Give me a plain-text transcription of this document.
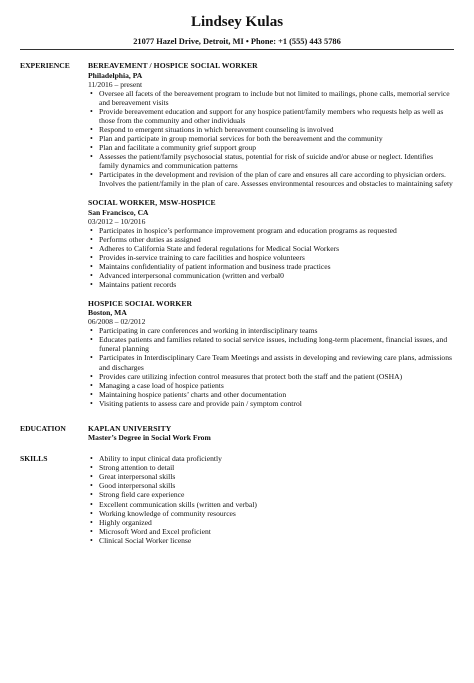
Lindsey Kulas
21077 Hazel Drive, Detroit, MI • Phone: +1 (555) 443 5786
EXPERIENCE	BEREAVEMENT / HOSPICE SOCIAL WORKER
Philadelphia, PA
11/2016 – present
• Oversee all facets of the bereavement program to include but not limited to mailings, phone calls, memorial service and bereavement visits
• Provide bereavement education and support for any hospice patient/family members who requests help as well as those from the community and other individuals
• Respond to emergent situations in which bereavement counseling is involved
• Plan and participate in group memorial services for both the bereavement and the community
• Plan and facilitate a community grief support group
• Assesses the patient/family psychosocial status, potential for risk of suicide and/or abuse or neglect. Identifies family dynamics and communication patterns
• Participates in the development and revision of the plan of care and ensures all care according to physician orders. Involves the patient/family in the plan of care. Assesses environmental resources and obstacles to maintaining safety
SOCIAL WORKER, MSW-HOSPICE
San Francisco, CA
03/2012 – 10/2016
• Participates in hospice’s performance improvement program and education programs as requested
• Performs other duties as assigned
• Adheres to California State and federal regulations for Medical Social Workers
• Provides in-service training to care facilities and hospice volunteers
• Maintains confidentiality of patient information and business trade practices
• Advanced interpersonal communication (written and verbal0
• Maintains patient records
HOSPICE SOCIAL WORKER
Boston, MA
06/2008 – 02/2012
• Participating in care conferences and working in interdisciplinary teams
• Educates patients and families related to social service issues, including long-term placement, financial issues, and funeral planning
• Participates in Interdisciplinary Care Team Meetings and assists in developing and reviewing care plans, admissions and discharges
• Provides care utilizing infection control measures that protect both the staff and the patient (OSHA)
• Managing a case load of hospice patients
• Maintaining hospice patients’ charts and other documentation
• Visiting patients to assess care and provide pain / symptom control
EDUCATION	KAPLAN UNIVERSITY
Master’s Degree in Social Work From
SKILLS
•	Ability to input clinical data proficiently
• Strong attention to detail
• Great interpersonal skills
• Good interpersonal skills
• Strong field care experience
• Excellent communication skills (written and verbal)
• Working knowledge of community resources
• Highly organized
• Microsoft Word and Excel proficient
• Clinical Social Worker license
